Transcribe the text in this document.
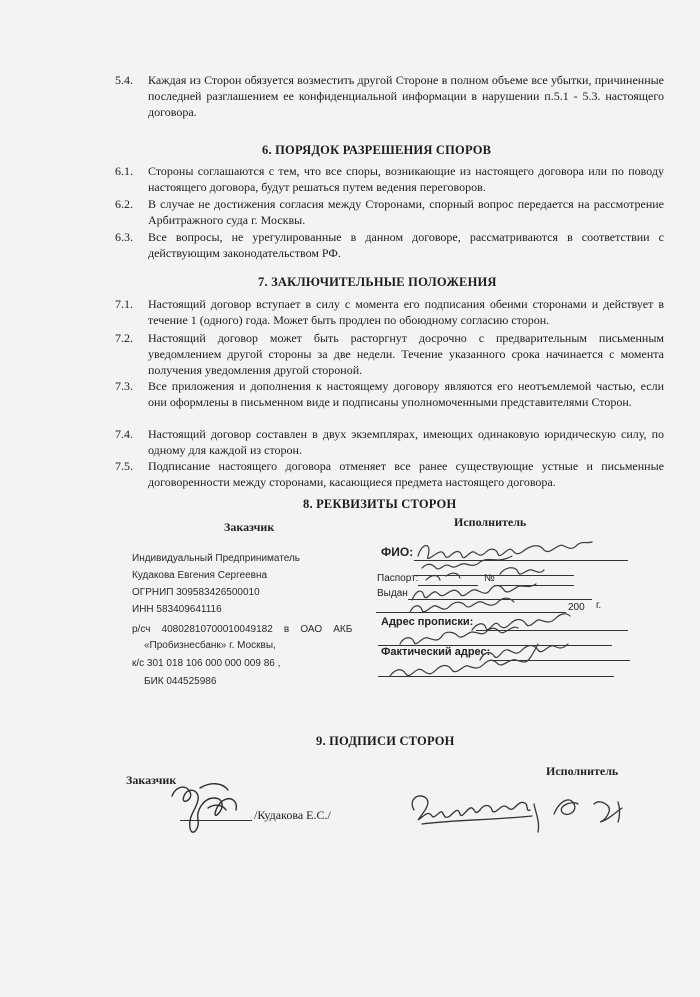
5.4.	Каждая из Сторон обязуется возместить другой Стороне в полном объеме все убытки, причиненные последней разглашением ее конфиденциальной информации в нарушении п.5.1 - 5.3. настоящего договора.
6. ПОРЯДОК РАЗРЕШЕНИЯ СПОРОВ
6.1.	Стороны соглашаются с тем, что все споры, возникающие из настоящего договора или по поводу настоящего договора, будут решаться путем ведения переговоров.
6.2.	В случае не достижения согласия между Сторонами, спорный вопрос передается на рассмотрение Арбитражного суда г. Москвы.
6.3.	Все вопросы, не урегулированные в данном договоре, рассматриваются в соответствии с действующим законодательством РФ.
7. ЗАКЛЮЧИТЕЛЬНЫЕ ПОЛОЖЕНИЯ
7.1.	Настоящий договор вступает в силу с момента его подписания обеими сторонами и действует в течение 1 (одного) года. Может быть продлен по обоюдному согласию сторон.
7.2.	Настоящий договор может быть расторгнут досрочно с предварительным письменным уведомлением другой стороны за две недели. Течение указанного срока начинается с момента получения уведомления другой стороной.
7.3.	Все приложения и дополнения к настоящему договору являются его неотъемлемой частью, если они оформлены в письменном виде и подписаны уполномоченными представителями Сторон.
7.4.	Настоящий договор составлен в двух экземплярах, имеющих одинаковую юридическую силу, по одному для каждой из сторон.
7.5.	Подписание настоящего договора отменяет все ранее существующие устные и письменные договоренности между сторонами, касающиеся предмета настоящего договора.
8. РЕКВИЗИТЫ СТОРОН
Заказчик	Исполнитель
Индивидуальный Предприниматель
Кудакова Евгения Сергеевна
ОГРНИП 309583426500010
ИНН 583409641116
р/сч    40802810700010049182    в    ОАО    АКБ
«Пробизнесбанк» г. Москвы,
к/с 301 018 106 000 000 009 86 ,
БИК 044525986
ФИО:
Паспорт:	№
Выдан
200 г.
Адрес прописки:
Фактический адрес:
9. ПОДПИСИ СТОРОН
Заказчик
/Кудакова Е.С./
Исполнитель
